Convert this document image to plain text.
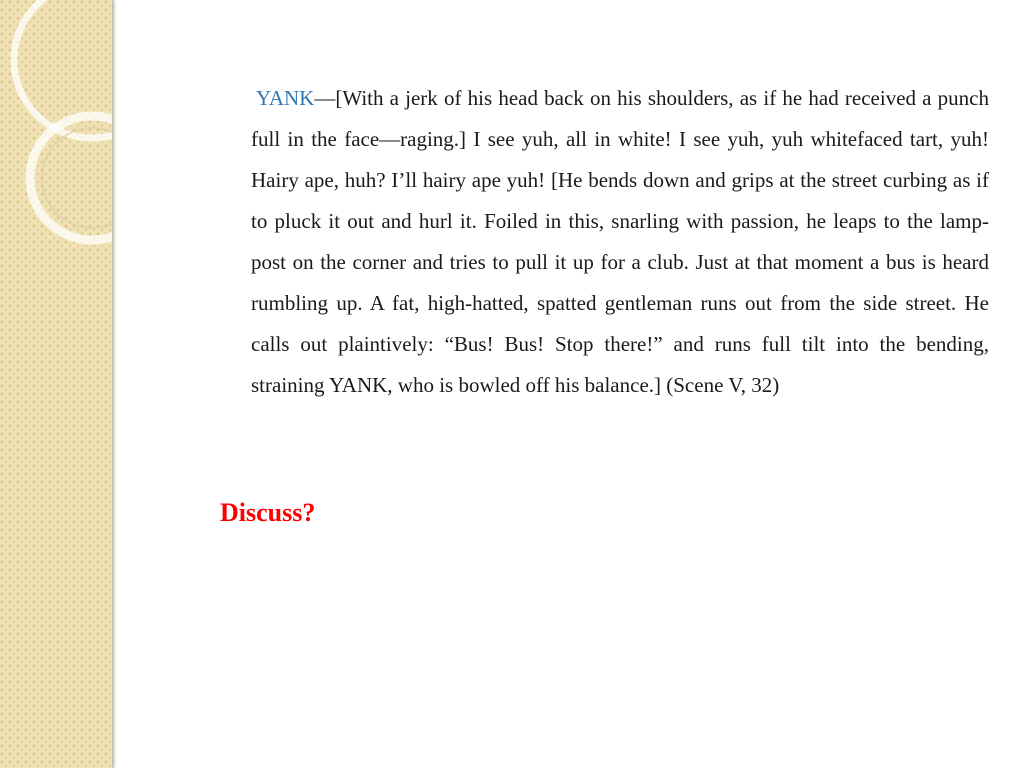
YANK—[With a jerk of his head back on his shoulders, as if he had received a punch full in the face—raging.] I see yuh, all in white! I see yuh, yuh whitefaced tart, yuh! Hairy ape, huh? I’ll hairy ape yuh! [He bends down and grips at the street curbing as if to pluck it out and hurl it. Foiled in this, snarling with passion, he leaps to the lamp-post on the corner and tries to pull it up for a club. Just at that moment a bus is heard rumbling up. A fat, high-hatted, spatted gentleman runs out from the side street. He calls out plaintively: “Bus! Bus! Stop there!” and runs full tilt into the bending, straining YANK, who is bowled off his balance.] (Scene V, 32)

Discuss?
